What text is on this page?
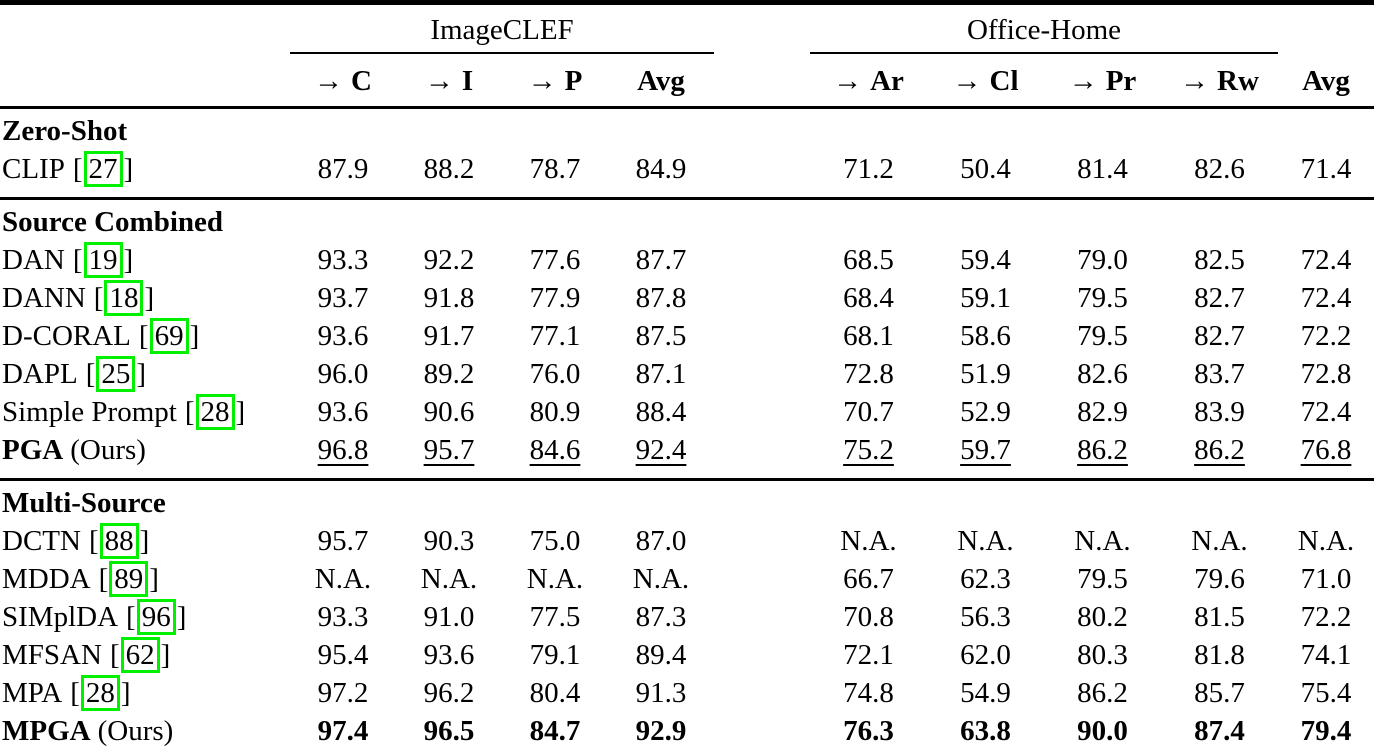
ImageCLEF	Office-Home
→ C	→ I	→ P	Avg	→ Ar	→ Cl	→ Pr	→ Rw	Avg
Zero-Shot
CLIP [ 27 ]	87.9	88.2	78.7	84.9	71.2	50.4	81.4	82.6	71.4
Source Combined
DAN [ 19 ]	93.3	92.2	77.6	87.7	68.5	59.4	79.0	82.5	72.4
DANN [ 18 ]	93.7	91.8	77.9	87.8	68.4	59.1	79.5	82.7	72.4
D-CORAL [ 69 ]	93.6	91.7	77.1	87.5	68.1	58.6	79.5	82.7	72.2
DAPL [ 25 ]	96.0	89.2	76.0	87.1	72.8	51.9	82.6	83.7	72.8
Simple Prompt [ 28 ]	93.6	90.6	80.9	88.4	70.7	52.9	82.9	83.9	72.4
PGA (Ours)	96.8	95.7	84.6	92.4	75.2	59.7	86.2	86.2	76.8
Multi-Source
DCTN [ 88 ]	95.7	90.3	75.0	87.0	N.A.	N.A.	N.A.	N.A.	N.A.
MDDA [ 89 ]	N.A.	N.A.	N.A.	N.A.	66.7	62.3	79.5	79.6	71.0
SIMplDA [ 96 ]	93.3	91.0	77.5	87.3	70.8	56.3	80.2	81.5	72.2
MFSAN [ 62 ]	95.4	93.6	79.1	89.4	72.1	62.0	80.3	81.8	74.1
MPA [ 28 ]	97.2	96.2	80.4	91.3	74.8	54.9	86.2	85.7	75.4
MPGA (Ours)	97.4	96.5	84.7	92.9	76.3	63.8	90.0	87.4	79.4
